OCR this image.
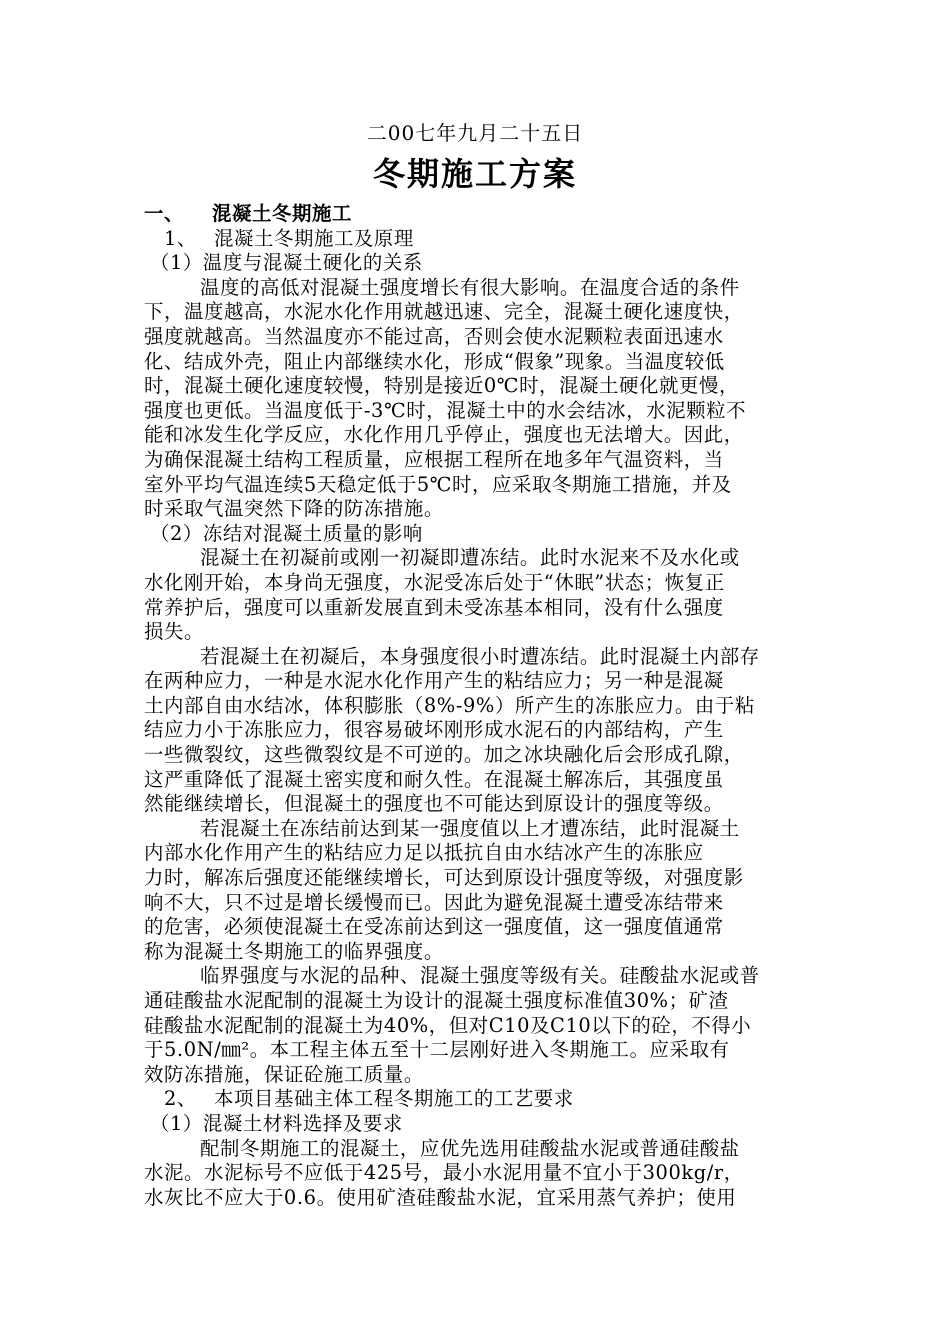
二00七年九月二十五日
冬期施工方案
一、 混凝土冬期施工
1、 混凝土冬期施工及原理
（1）温度与混凝土硬化的关系
温度的高低对混凝土强度增长有很大影响。在温度合适的条件
下，温度越高，水泥水化作用就越迅速、完全，混凝土硬化速度快，
强度就越高。当然温度亦不能过高，否则会使水泥颗粒表面迅速水
化、结成外壳，阻止内部继续水化，形成“假象”现象。当温度较低
时，混凝土硬化速度较慢，特别是接近0℃时，混凝土硬化就更慢，
强度也更低。当温度低于-3℃时，混凝土中的水会结冰，水泥颗粒不
能和冰发生化学反应，水化作用几乎停止，强度也无法增大。因此，
为确保混凝土结构工程质量，应根据工程所在地多年气温资料，当
室外平均气温连续5天稳定低于5℃时，应采取冬期施工措施，并及
时采取气温突然下降的防冻措施。
（2）冻结对混凝土质量的影响
混凝土在初凝前或刚一初凝即遭冻结。此时水泥来不及水化或
水化刚开始，本身尚无强度，水泥受冻后处于“休眠”状态；恢复正
常养护后，强度可以重新发展直到未受冻基本相同，没有什么强度
损失。
若混凝土在初凝后，本身强度很小时遭冻结。此时混凝土内部存
在两种应力，一种是水泥水化作用产生的粘结应力；另一种是混凝
土内部自由水结冰，体积膨胀（8%-9%）所产生的冻胀应力。由于粘
结应力小于冻胀应力，很容易破坏刚形成水泥石的内部结构，产生
一些微裂纹，这些微裂纹是不可逆的。加之冰块融化后会形成孔隙，
这严重降低了混凝土密实度和耐久性。在混凝土解冻后，其强度虽
然能继续增长，但混凝土的强度也不可能达到原设计的强度等级。
若混凝土在冻结前达到某一强度值以上才遭冻结，此时混凝土
内部水化作用产生的粘结应力足以抵抗自由水结冰产生的冻胀应
力时，解冻后强度还能继续增长，可达到原设计强度等级，对强度影
响不大，只不过是增长缓慢而已。因此为避免混凝土遭受冻结带来
的危害，必须使混凝土在受冻前达到这一强度值，这一强度值通常
称为混凝土冬期施工的临界强度。
临界强度与水泥的品种、混凝土强度等级有关。硅酸盐水泥或普
通硅酸盐水泥配制的混凝土为设计的混凝土强度标准值30%；矿渣
硅酸盐水泥配制的混凝土为40%，但对C10及C10以下的砼，不得小
于5.0N/㎜²。本工程主体五至十二层刚好进入冬期施工。应采取有
效防冻措施，保证砼施工质量。
2、 本项目基础主体工程冬期施工的工艺要求
（1）混凝土材料选择及要求
配制冬期施工的混凝土，应优先选用硅酸盐水泥或普通硅酸盐
水泥。水泥标号不应低于425号，最小水泥用量不宜小于300kg/r，
水灰比不应大于0.6。使用矿渣硅酸盐水泥，宜采用蒸气养护；使用
